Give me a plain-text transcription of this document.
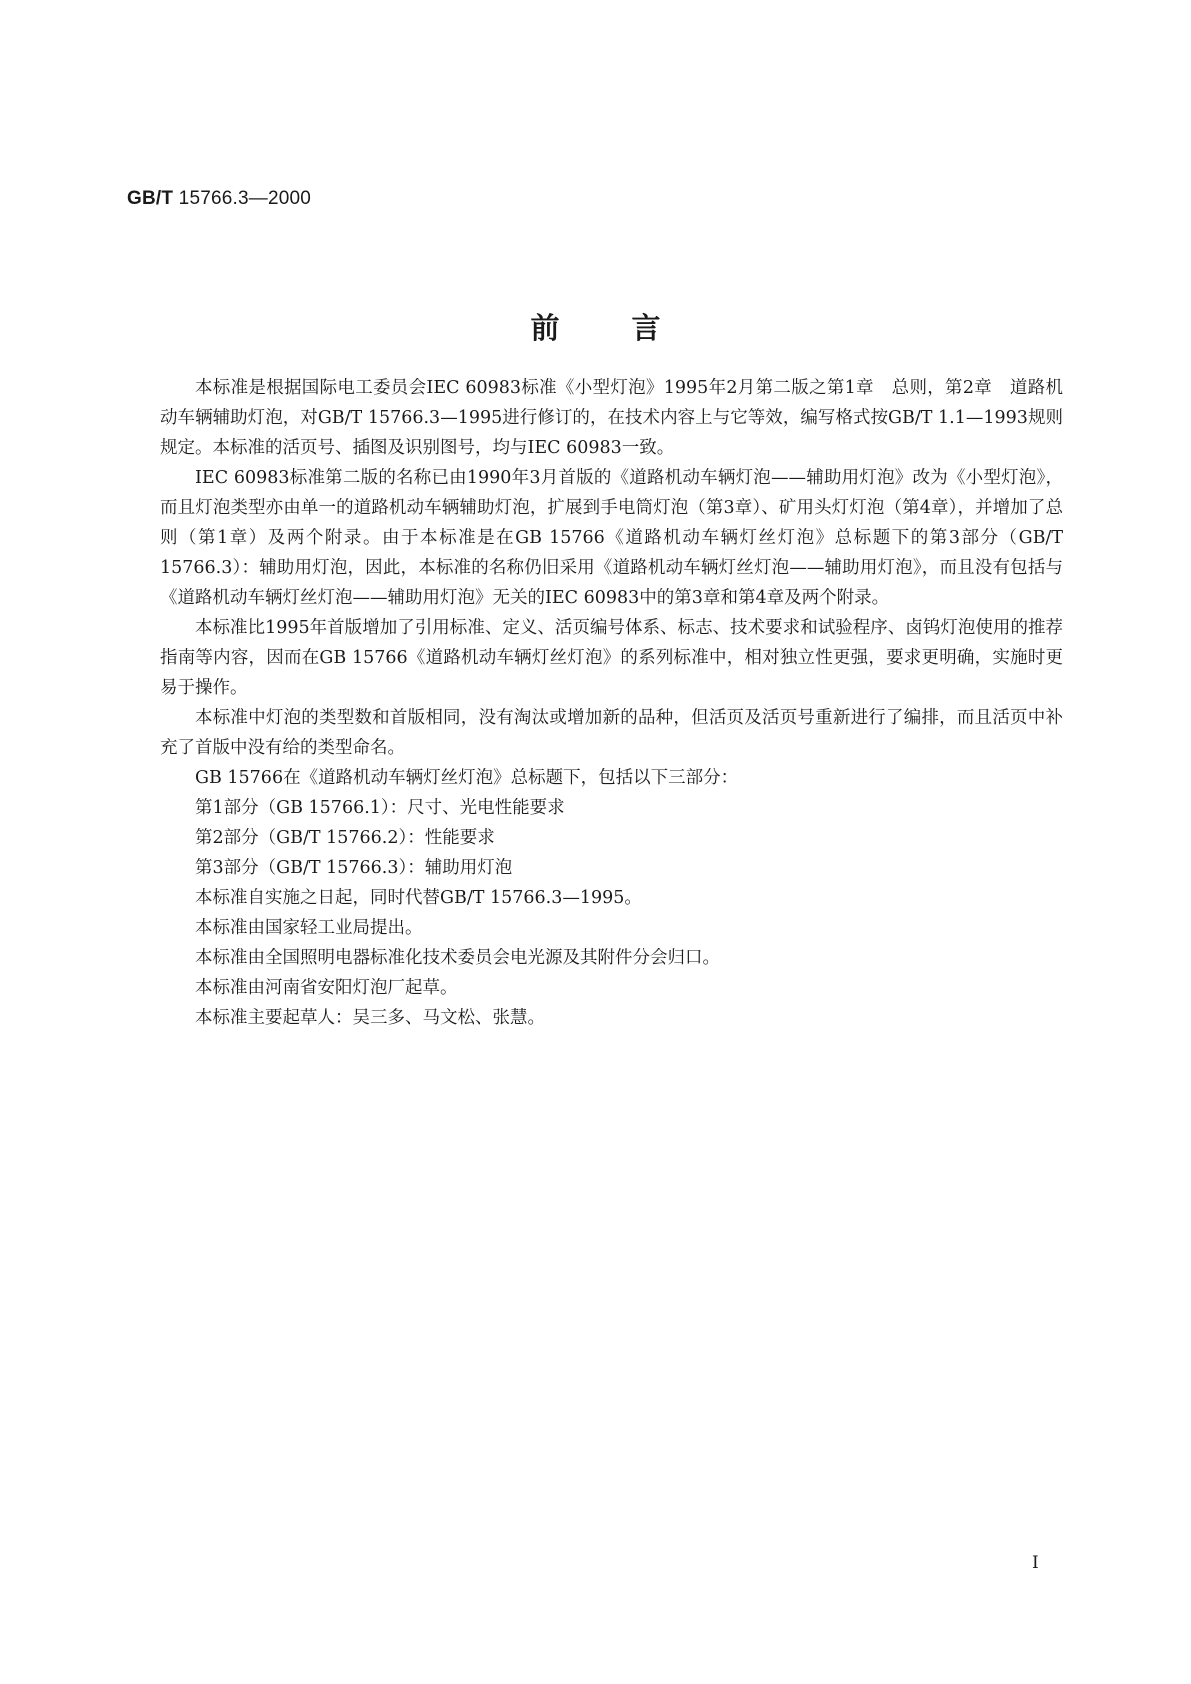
GB/T 15766.3—2000
前言

本标准是根据国际电工委员会IEC 60983标准《小型灯泡》1995年2月第二版之第1章　总则，第2章　道路机动车辆辅助灯泡，对GB/T 15766.3—1995进行修订的，在技术内容上与它等效，编写格式按GB/T 1.1—1993规则规定。本标准的活页号、插图及识别图号，均与IEC 60983一致。

IEC 60983标准第二版的名称已由1990年3月首版的《道路机动车辆灯泡——辅助用灯泡》改为《小型灯泡》，而且灯泡类型亦由单一的道路机动车辆辅助灯泡，扩展到手电筒灯泡（第3章）、矿用头灯灯泡（第4章），并增加了总则（第1章）及两个附录。由于本标准是在GB 15766《道路机动车辆灯丝灯泡》总标题下的第3部分（GB/T 15766.3）：辅助用灯泡，因此，本标准的名称仍旧采用《道路机动车辆灯丝灯泡——辅助用灯泡》，而且没有包括与《道路机动车辆灯丝灯泡——辅助用灯泡》无关的IEC 60983中的第3章和第4章及两个附录。

本标准比1995年首版增加了引用标准、定义、活页编号体系、标志、技术要求和试验程序、卤钨灯泡使用的推荐指南等内容，因而在GB 15766《道路机动车辆灯丝灯泡》的系列标准中，相对独立性更强，要求更明确，实施时更易于操作。

本标准中灯泡的类型数和首版相同，没有淘汰或增加新的品种，但活页及活页号重新进行了编排，而且活页中补充了首版中没有给的类型命名。

GB 15766在《道路机动车辆灯丝灯泡》总标题下，包括以下三部分：

第1部分（GB 15766.1）：尺寸、光电性能要求

第2部分（GB/T 15766.2）：性能要求

第3部分（GB/T 15766.3）：辅助用灯泡

本标准自实施之日起，同时代替GB/T 15766.3—1995。

本标准由国家轻工业局提出。

本标准由全国照明电器标准化技术委员会电光源及其附件分会归口。

本标准由河南省安阳灯泡厂起草。

本标准主要起草人：吴三多、马文松、张慧。

I
